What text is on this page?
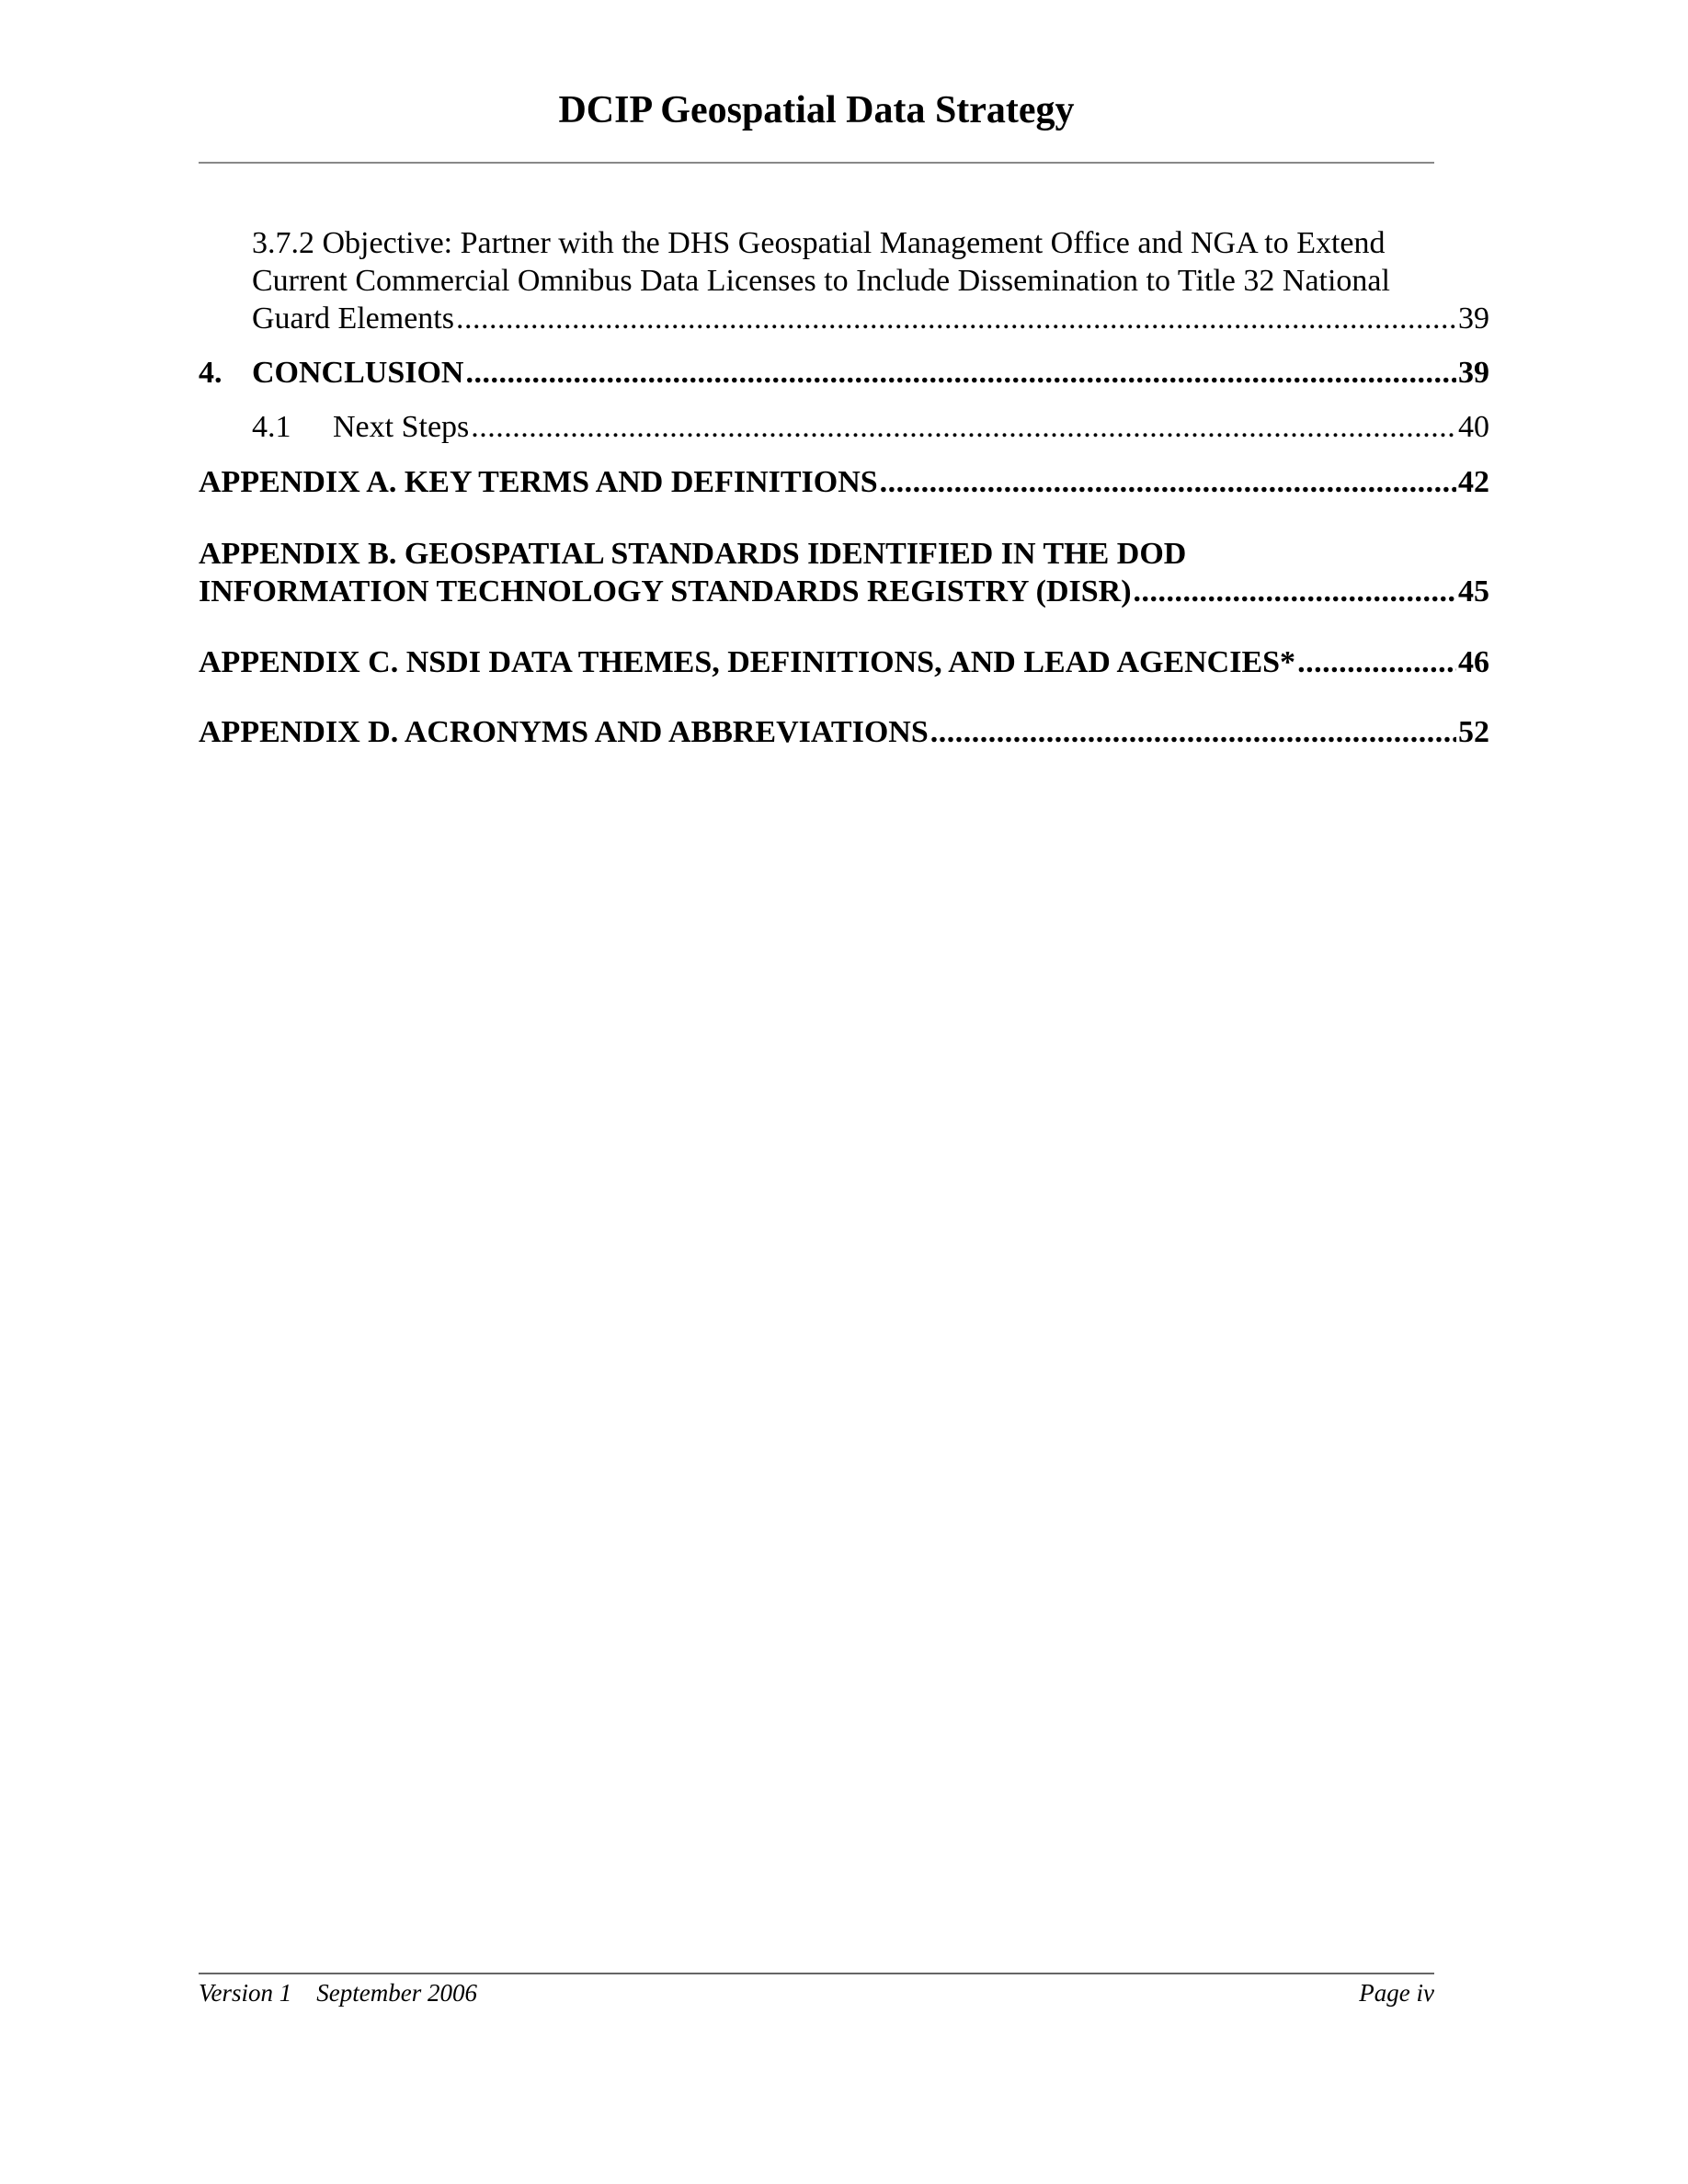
DCIP Geospatial Data Strategy
3.7.2 Objective: Partner with the DHS Geospatial Management Office and NGA to Extend
Current Commercial Omnibus Data Licenses to Include Dissemination to Title 32 National
Guard Elements . . .	39
4. CONCLUSION . . .	39
4.1 Next Steps . . .	40
APPENDIX A. KEY TERMS AND DEFINITIONS . . .	42
APPENDIX B. GEOSPATIAL STANDARDS IDENTIFIED IN THE DOD
INFORMATION TECHNOLOGY STANDARDS REGISTRY (DISR) . . .	45
APPENDIX C. NSDI DATA THEMES, DEFINITIONS, AND LEAD AGENCIES* . . .	46
APPENDIX D. ACRONYMS AND ABBREVIATIONS . . .	52
Version 1    September 2006	Page iv
